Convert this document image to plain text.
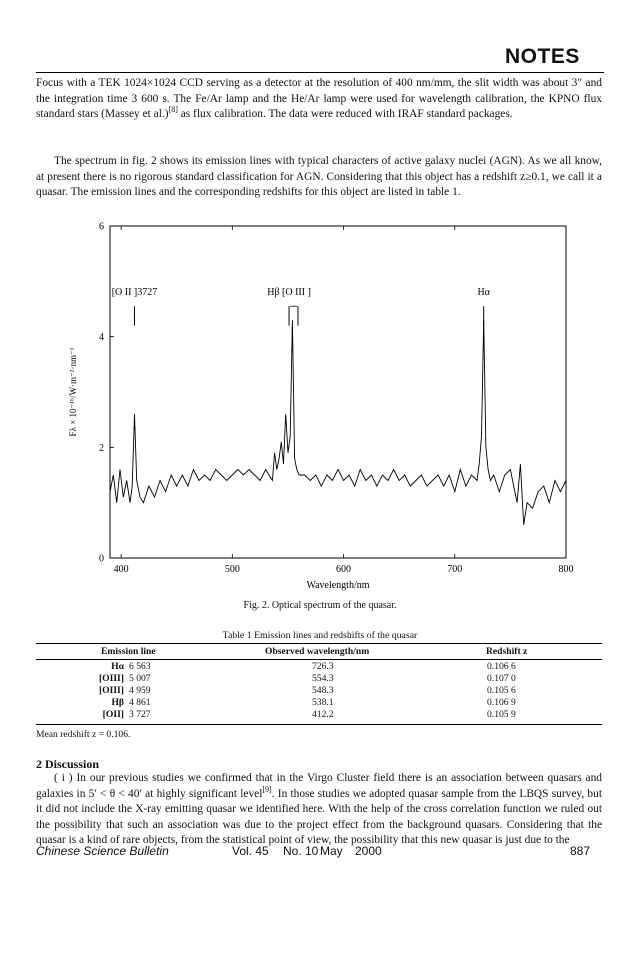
NOTES

Focus with a TEK 1024×1024 CCD serving as a detector at the resolution of 400 nm/mm, the slit width was about 3″ and the integration time 3 600 s. The Fe/Ar lamp and the He/Ar lamp were used for wavelength calibration, the KPNO flux standard stars (Massey et al.)[8] as flux calibration. The data were reduced with IRAF standard packages.

The spectrum in fig. 2 shows its emission lines with typical characters of active galaxy nuclei (AGN). As we all know, at present there is no rigorous standard classification for AGN. Considering that this object has a redshift z≥0.1, we call it a quasar. The emission lines and the corresponding redshifts for this object are listed in table 1.

400	500	600	700	800
0
2
4
6
[O II ]3727	Hβ [O III ]	Hα
Fλ × 10⁻¹⁶/W·m⁻²·nm⁻¹
Wavelength/nm
Fig. 2. Optical spectrum of the quasar.
Table 1 Emission lines and redshifts of the quasar
Emission line	Observed wavelength/nm	Redshift z
Hα 6 563	726.3	0.106 6
[OIII] 5 007	554.3	0.107 0
[OIII] 4 959	548.3	0.105 6
Hβ 4 861	538.1	0.106 9
[OII] 3 727	412.2	0.105 9
Mean redshift z = 0.106.
2 Discussion

( i ) In our previous studies we confirmed that in the Virgo Cluster field there is an association between quasars and galaxies in 5′ < θ < 40′ at highly significant level[9]. In those studies we adopted quasar sample from the LBQS survey, but it did not include the X-ray emitting quasar we identified here. With the help of the cross correlation function we ruled out the possibility that such an association was due to the project effect from the background quasars. Considering that the quasar is a kind of rare objects, from the statistical point of view, the possibility that this new quasar is just due to the

Chinese Science Bulletin	Vol. 45 No. 10 May 2000	887
